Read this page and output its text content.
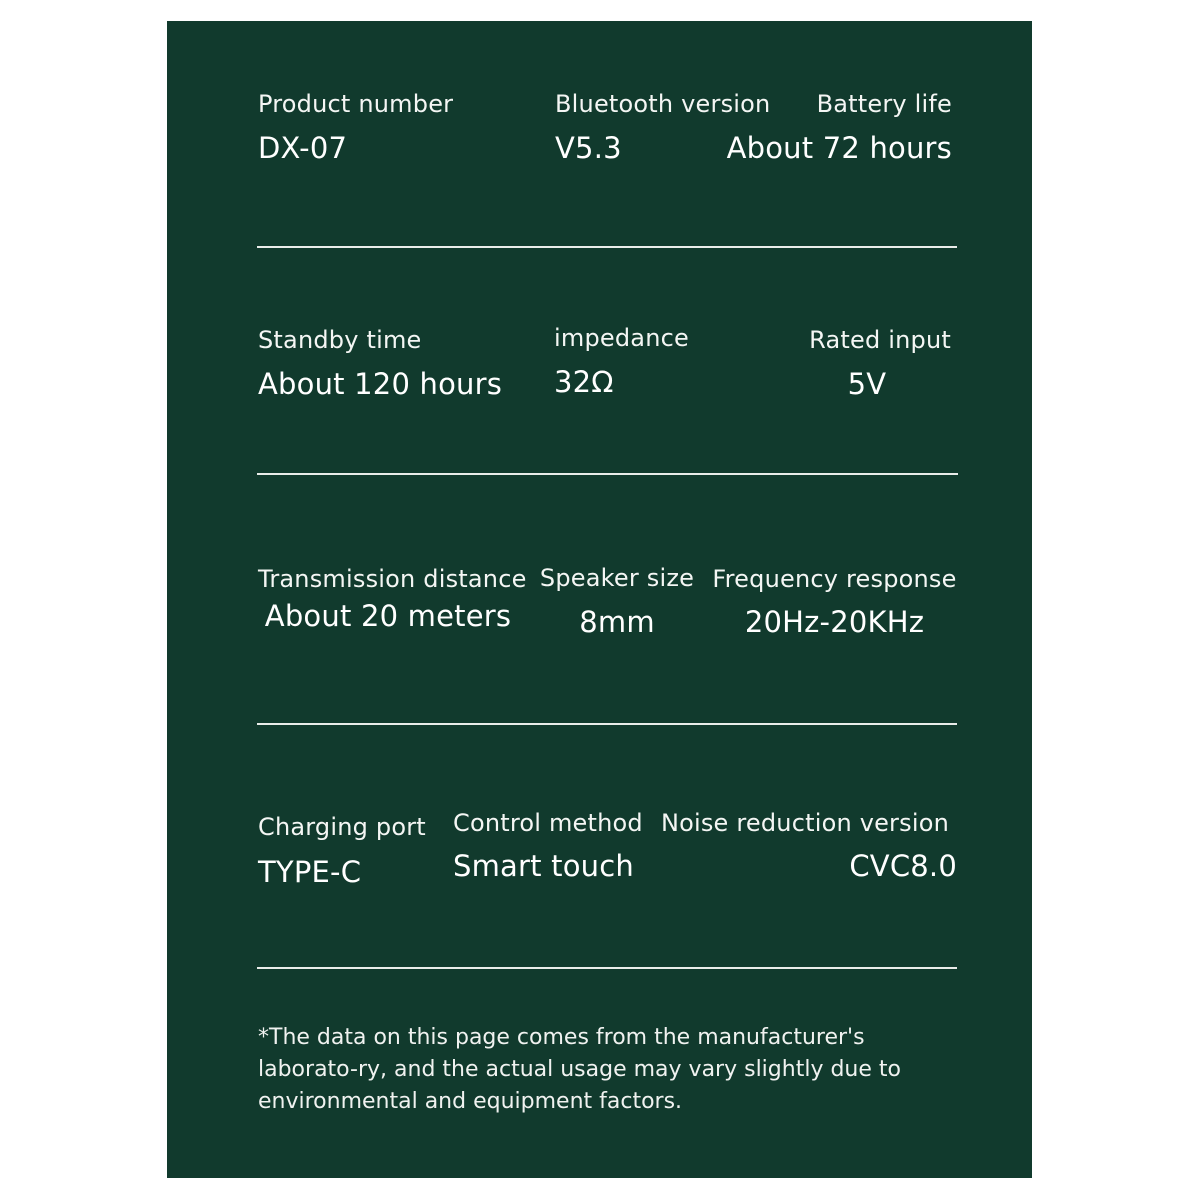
Product number
DX-07
Bluetooth version
V5.3
Battery life
About 72 hours
Standby time
About 120 hours
impedance
32Ω
Rated input
5V
Transmission distance
About 20 meters
Speaker size
8mm
Frequency response
20Hz-20KHz
Charging port
TYPE-C
Control method
Smart touch
Noise reduction version
CVC8.0
*The data on this page comes from the manufacturer's laborato-ry, and the actual usage may vary slightly due to environmental and equipment factors.
